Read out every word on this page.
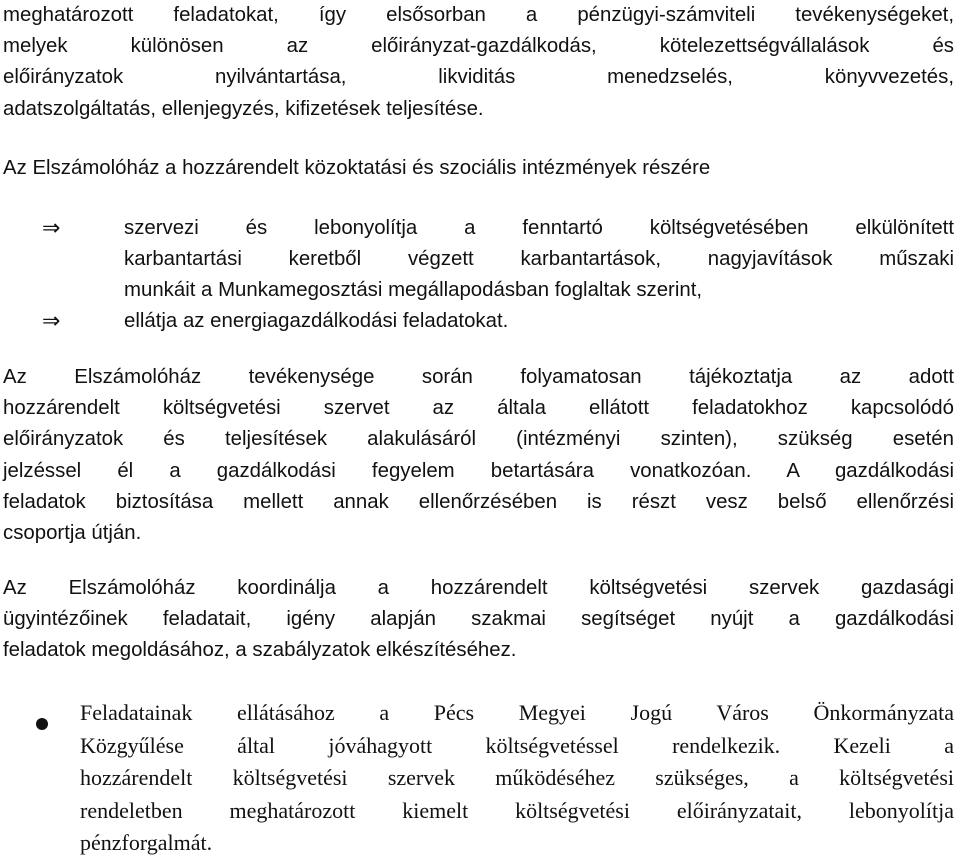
meghatározott feladatokat, így elsősorban a pénzügyi-számviteli tevékenységeket,
melyek különösen az előirányzat-gazdálkodás, kötelezettségvállalások és
előirányzatok nyilvántartása, likviditás menedzselés, könyvvezetés,
adatszolgáltatás, ellenjegyzés, kifizetések teljesítése.
Az Elszámolóház a hozzárendelt közoktatási és szociális intézmények részére
⇒	szervezi és lebonyolítja a fenntartó költségvetésében elkülönített
karbantartási keretből végzett karbantartások, nagyjavítások műszaki
munkáit a Munkamegosztási megállapodásban foglaltak szerint,
⇒	ellátja az energiagazdálkodási feladatokat.
Az Elszámolóház tevékenysége során folyamatosan tájékoztatja az adott
hozzárendelt költségvetési szervet az általa ellátott feladatokhoz kapcsolódó
előirányzatok és teljesítések alakulásáról (intézményi szinten), szükség esetén
jelzéssel él a gazdálkodási fegyelem betartására vonatkozóan. A gazdálkodási
feladatok biztosítása mellett annak ellenőrzésében is részt vesz belső ellenőrzési
csoportja útján.
Az Elszámolóház koordinálja a hozzárendelt költségvetési szervek gazdasági
ügyintézőinek feladatait, igény alapján szakmai segítséget nyújt a gazdálkodási
feladatok megoldásához, a szabályzatok elkészítéséhez.
Feladatainak ellátásához a Pécs Megyei Jogú Város Önkormányzata
Közgyűlése által jóváhagyott költségvetéssel rendelkezik. Kezeli a
hozzárendelt költségvetési szervek működéséhez szükséges, a költségvetési
rendeletben meghatározott kiemelt költségvetési előirányzatait, lebonyolítja
pénzforgalmát.
